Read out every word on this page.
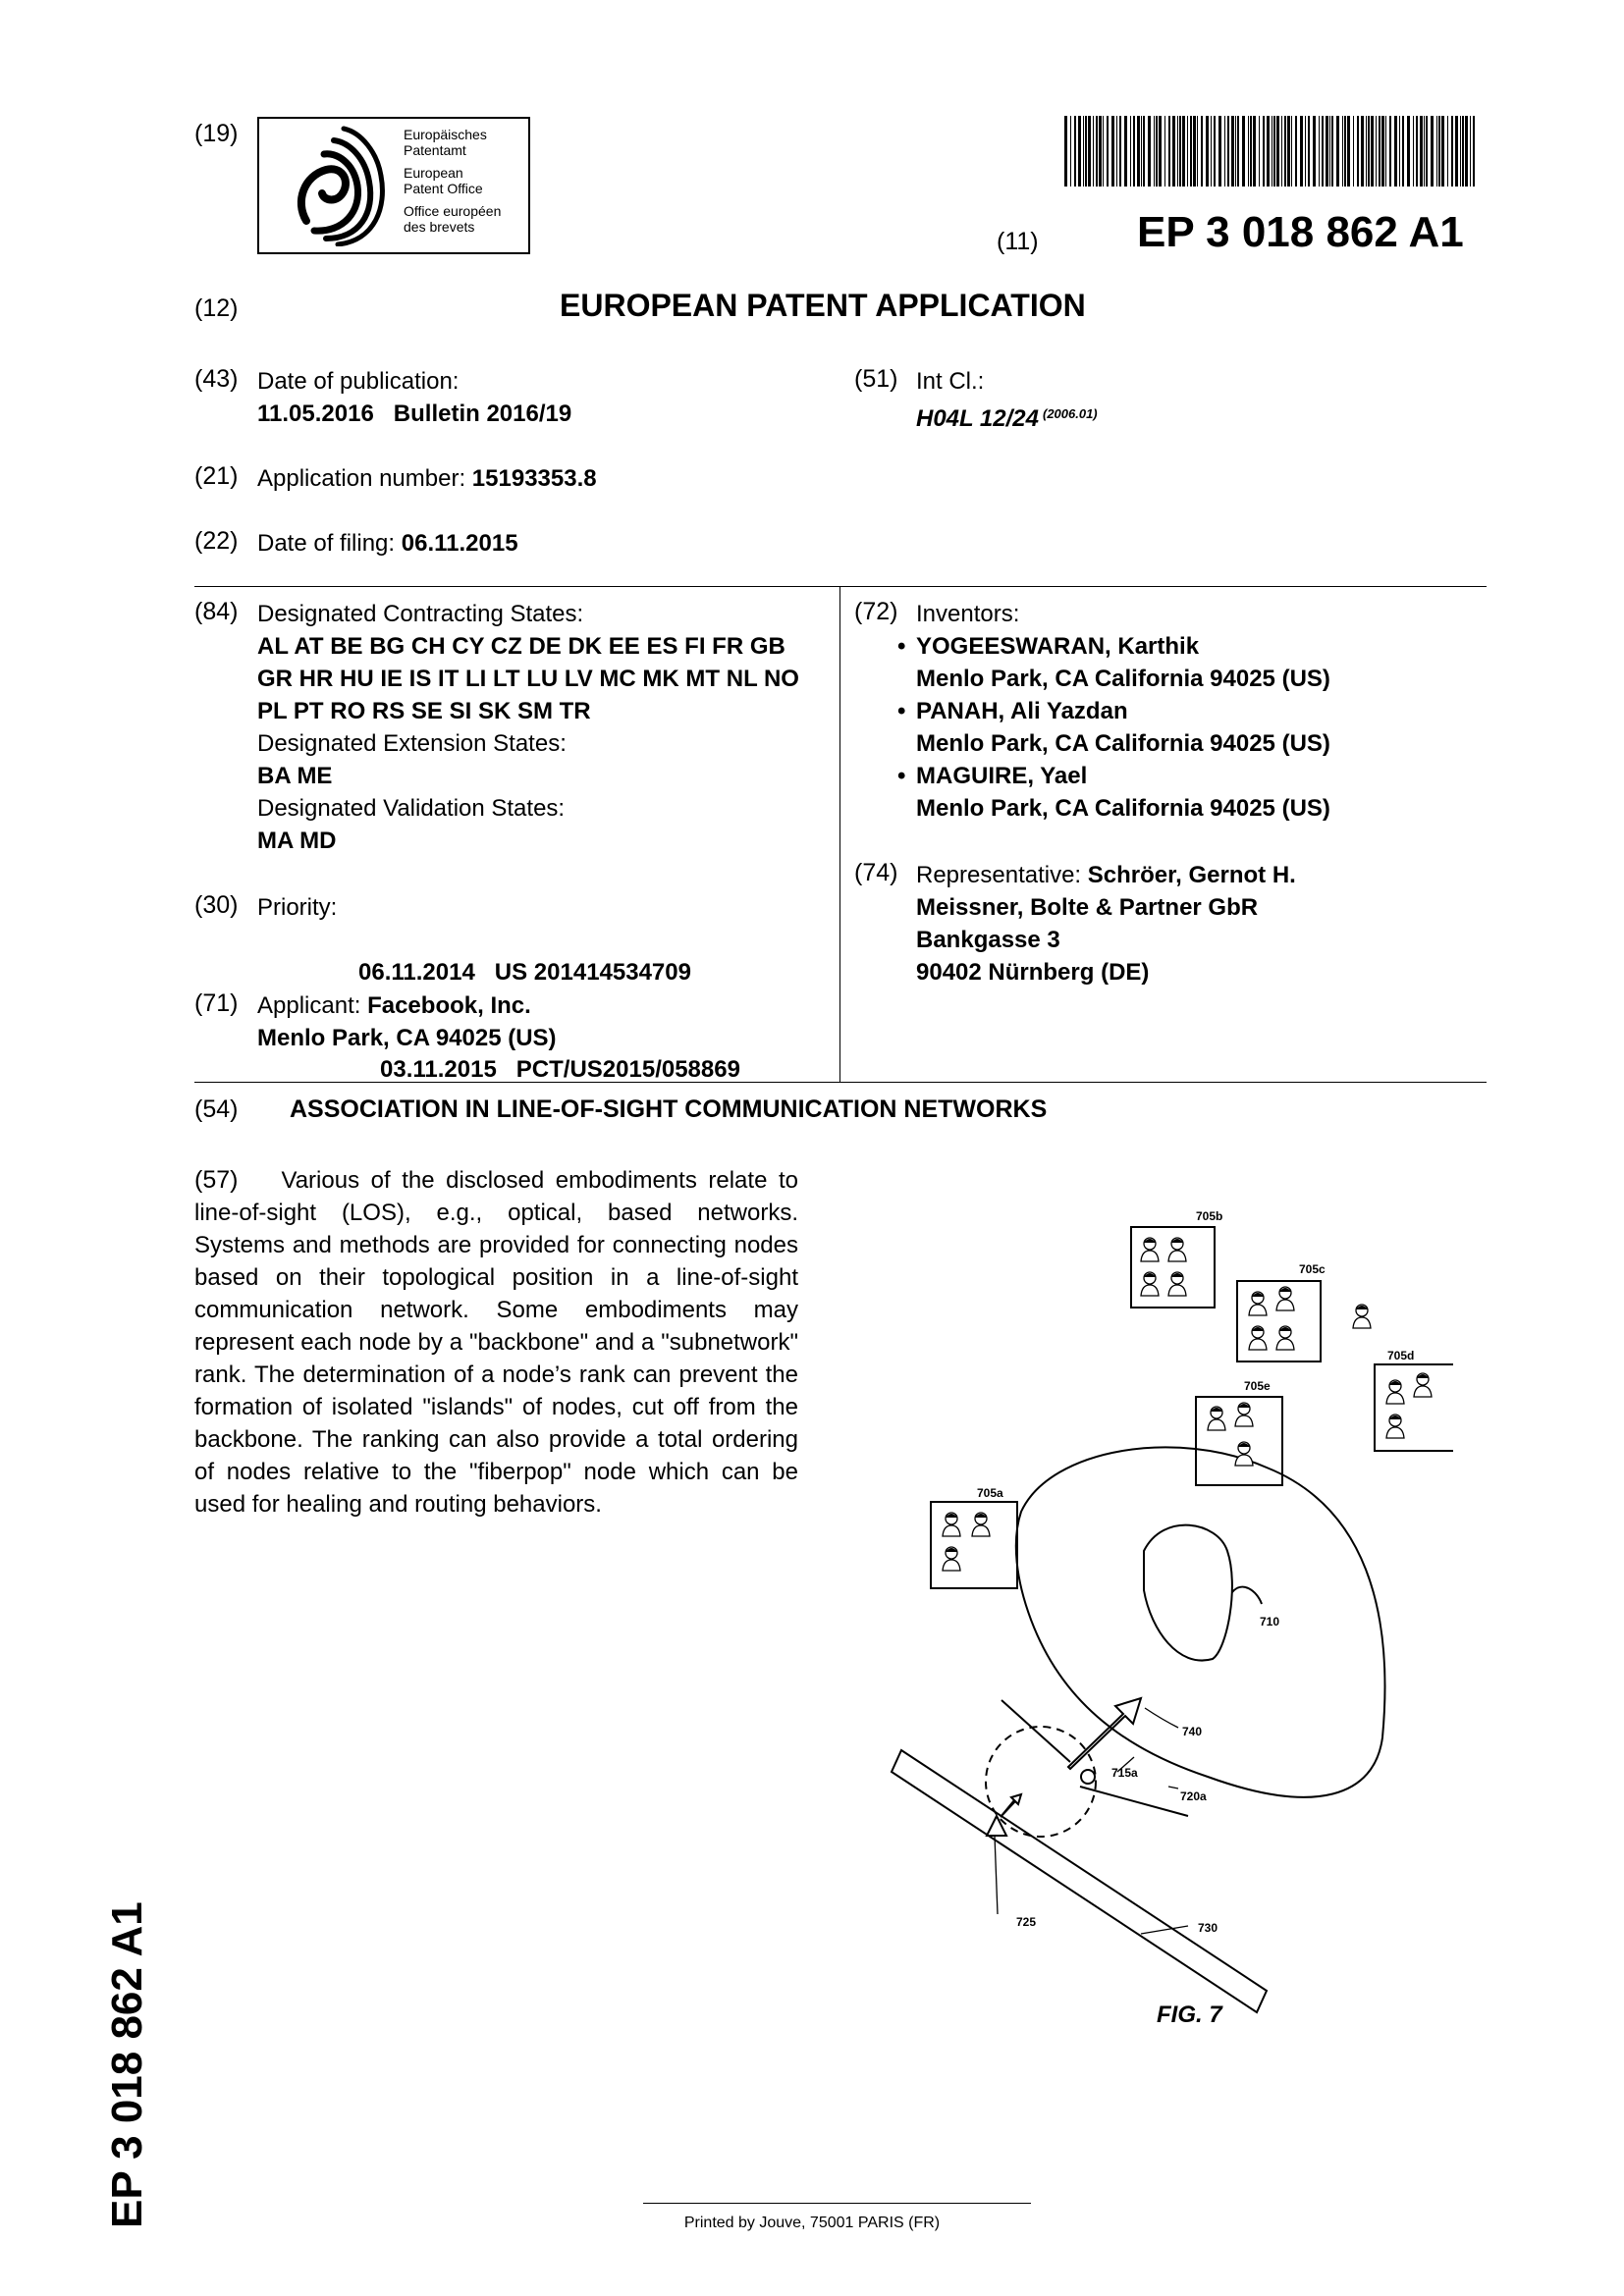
(19)	Europäisches
Patentamt
European
Patent Office
Office européen
des brevets
(11) EP 3 018 862 A1
(12)	EUROPEAN PATENT APPLICATION
(43) Date of publication:
11.05.2016   Bulletin 2016/19
(51) Int Cl.:
H04L 12/24 $^{(2006.01)}$
(21) Application number: 15193353.8
(22) Date of filing: 06.11.2015
(84) Designated Contracting States:
AL AT BE BG CH CY CZ DE DK EE ES FI FR GB
GR HR HU IE IS IT LI LT LU LV MC MK MT NL NO
PL PT RO RS SE SI SK SM TR
Designated Extension States:
BA ME
Designated Validation States:
MA MD
(30) Priority:

06.11.2014   US 201414534709

03.11.2015   PCT/US2015/058869

(71) Applicant: Facebook, Inc.
Menlo Park, CA 94025 (US)
(72) Inventors:
• YOGEESWARAN, Karthik
Menlo Park, CA California 94025 (US)
• PANAH, Ali Yazdan
Menlo Park, CA California 94025 (US)
• MAGUIRE, Yael
Menlo Park, CA California 94025 (US)
(74) Representative: Schröer, Gernot H.
Meissner, Bolte & Partner GbR
Bankgasse 3
90402 Nürnberg (DE)
(54) ASSOCIATION IN LINE-OF-SIGHT COMMUNICATION NETWORKS
(57) Various of the disclosed embodiments relate to line-of-sight (LOS), e.g., optical, based networks. Systems and methods are provided for connecting nodes based on their topological position in a line-of-sight communication network. Some embodiments may represent each node by a "backbone" and a "subnetwork" rank. The determination of a node’s rank can prevent the formation of isolated "islands" of nodes, cut off from the backbone. The ranking can also provide a total ordering of nodes relative to the "fiberpop" node which can be used for healing and routing behaviors.
705b
705c
705d
705e
705a
710
740
715a
720a
725	730
FIG. 7
EP 3 018 862 A1	Printed by Jouve, 75001 PARIS (FR)
